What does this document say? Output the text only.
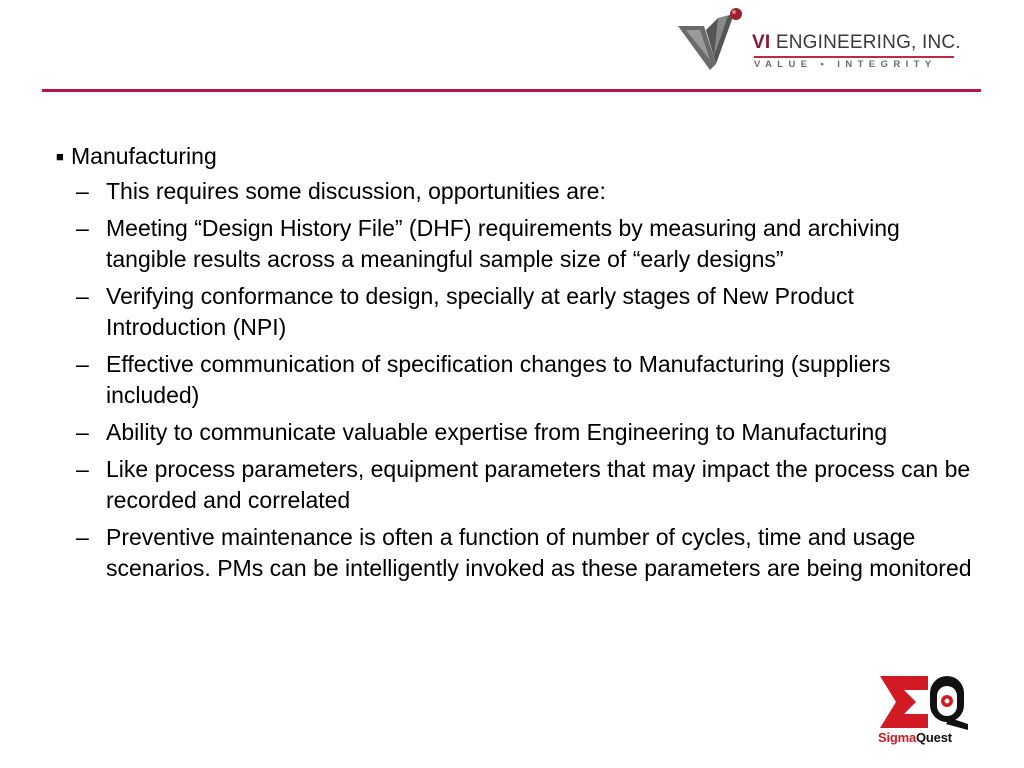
VI ENGINEERING, INC.
VALUE • INTEGRITY
■ Manufacturing
– This requires some discussion, opportunities are:
– Meeting “Design History File” (DHF) requirements by measuring and archiving tangible results across a meaningful sample size of “early designs”
– Verifying conformance to design, specially at early stages of New Product Introduction (NPI)
– Effective communication of specification changes to Manufacturing (suppliers included)
– Ability to communicate valuable expertise from Engineering to Manufacturing
– Like process parameters, equipment parameters that may impact the process can be recorded and correlated
– Preventive maintenance is often a function of number of cycles, time and usage scenarios. PMs can be intelligently invoked as these parameters are being monitored
SigmaQuest
